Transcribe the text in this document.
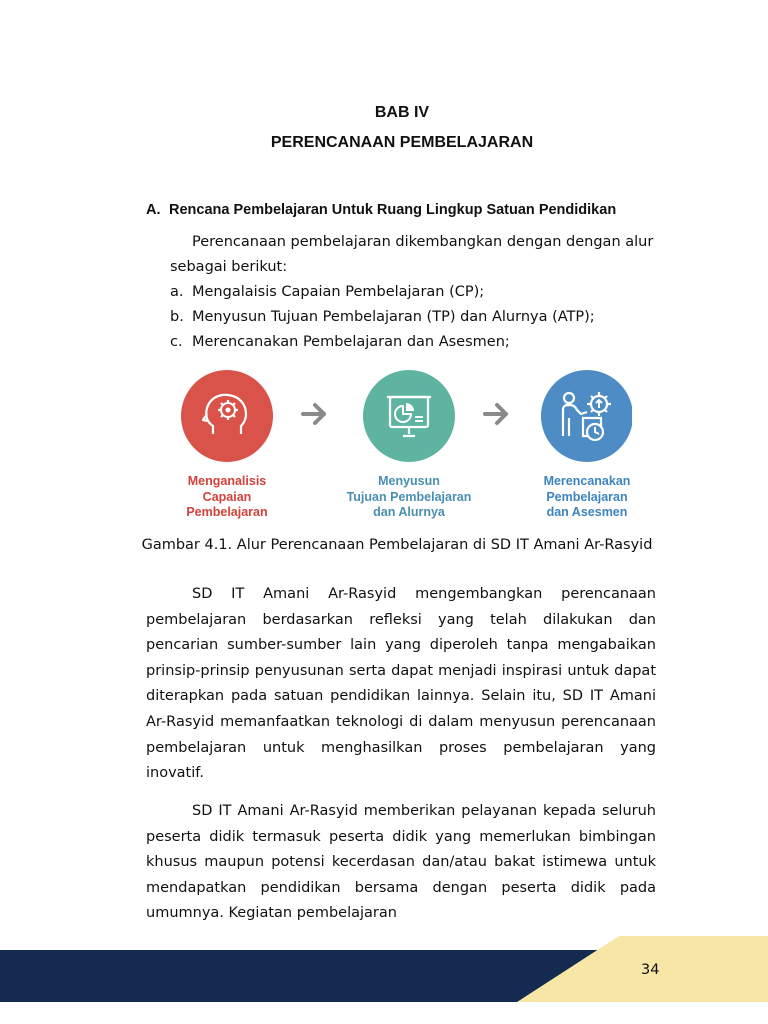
BAB IV
PERENCANAAN PEMBELAJARAN
A. Rencana Pembelajaran Untuk Ruang Lingkup Satuan Pendidikan

Perencanaan pembelajaran dikembangkan dengan dengan alur sebagai berikut:

a. Mengalaisis Capaian Pembelajaran (CP);
b. Menyusun Tujuan Pembelajaran (TP) dan Alurnya (ATP);
c. Merencanakan Pembelajaran dan Asesmen;
Menganalisis
Capaian
Pembelajaran
Menyusun
Tujuan Pembelajaran
dan Alurnya
Merencanakan
Pembelajaran
dan Asesmen
Gambar 4.1. Alur Perencanaan Pembelajaran di SD IT Amani Ar-Rasyid

SD IT Amani Ar-Rasyid mengembangkan perencanaan pembelajaran berdasarkan refleksi yang telah dilakukan dan pencarian sumber-sumber lain yang diperoleh tanpa mengabaikan prinsip-prinsip penyusunan serta dapat menjadi inspirasi untuk dapat diterapkan pada satuan pendidikan lainnya. Selain itu, SD IT Amani Ar-Rasyid memanfaatkan teknologi di dalam menyusun perencanaan pembelajaran untuk menghasilkan proses pembelajaran yang inovatif.

SD IT Amani Ar-Rasyid memberikan pelayanan kepada seluruh peserta didik termasuk peserta didik yang memerlukan bimbingan khusus maupun potensi kecerdasan dan/atau bakat istimewa untuk mendapatkan pendidikan bersama dengan peserta didik pada umumnya. Kegiatan pembelajaran

34
